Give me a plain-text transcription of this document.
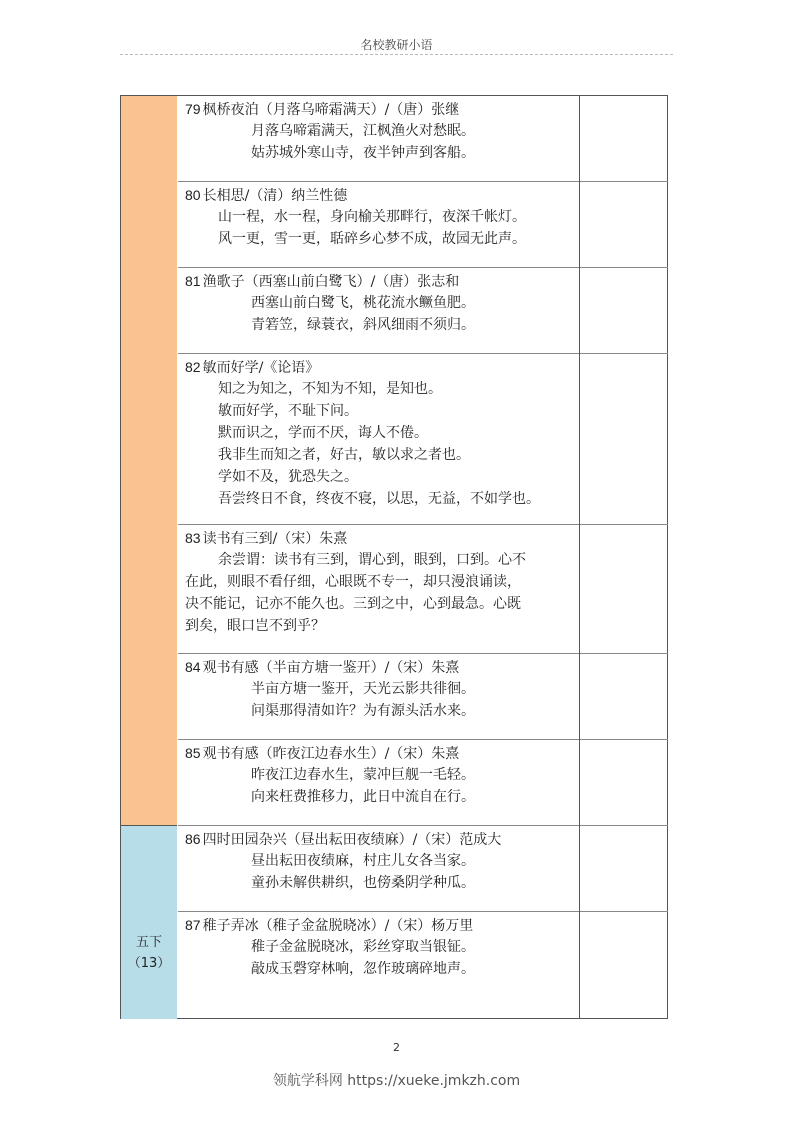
名校教研小语
五下
（13）
79 枫桥夜泊（月落乌啼霜满天）/（唐）张继
月落乌啼霜满天，江枫渔火对愁眠。
姑苏城外寒山寺，夜半钟声到客船。
80 长相思/（清）纳兰性德
山一程，水一程，身向榆关那畔行，夜深千帐灯。
风一更，雪一更，聒碎乡心梦不成，故园无此声。
81 渔歌子（西塞山前白鹭飞）/（唐）张志和
西塞山前白鹭飞，桃花流水鳜鱼肥。
青箬笠，绿蓑衣，斜风细雨不须归。
82 敏而好学/《论语》
知之为知之，不知为不知，是知也。
敏而好学，不耻下问。
默而识之，学而不厌，诲人不倦。
我非生而知之者，好古，敏以求之者也。
学如不及，犹恐失之。
吾尝终日不食，终夜不寝，以思，无益，不如学也。
83 读书有三到/（宋）朱熹
余尝谓：读书有三到，谓心到，眼到，口到。心不
在此，则眼不看仔细，心眼既不专一，却只漫浪诵读，
决不能记，记亦不能久也。三到之中，心到最急。心既
到矣，眼口岂不到乎？
84 观书有感（半亩方塘一鉴开）/（宋）朱熹
半亩方塘一鉴开，天光云影共徘徊。
问渠那得清如许？为有源头活水来。
85 观书有感（昨夜江边春水生）/（宋）朱熹
昨夜江边春水生，蒙冲巨舰一毛轻。
向来枉费推移力，此日中流自在行。
86 四时田园杂兴（昼出耘田夜绩麻）/（宋）范成大
昼出耘田夜绩麻，村庄儿女各当家。
童孙未解供耕织，也傍桑阴学种瓜。
87 稚子弄冰（稚子金盆脱晓冰）/（宋）杨万里
稚子金盆脱晓冰，彩丝穿取当银钲。
敲成玉磬穿林响，忽作玻璃碎地声。
2
领航学科网 https://xueke.jmkzh.com
